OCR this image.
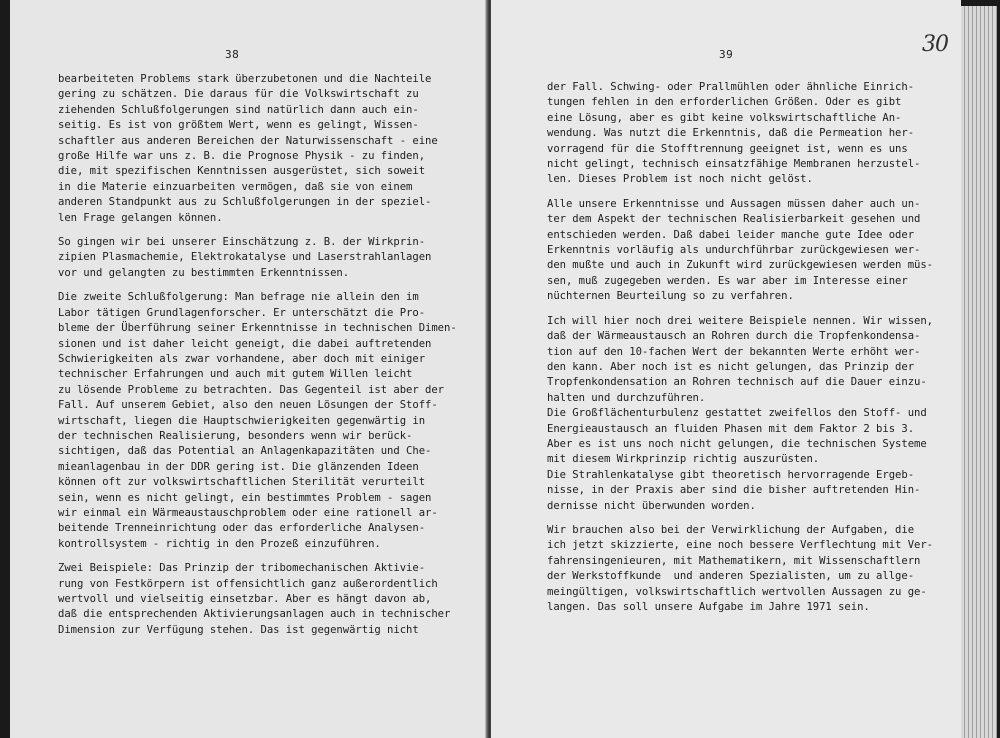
38
bearbeiteten Problems stark überzubetonen und die Nachteile
gering zu schätzen. Die daraus für die Volkswirtschaft zu
ziehenden Schlußfolgerungen sind natürlich dann auch ein-
seitig. Es ist von größtem Wert, wenn es gelingt, Wissen-
schaftler aus anderen Bereichen der Naturwissenschaft - eine
große Hilfe war uns z. B. die Prognose Physik - zu finden,
die, mit spezifischen Kenntnissen ausgerüstet, sich soweit
in die Materie einzuarbeiten vermögen, daß sie von einem
anderen Standpunkt aus zu Schlußfolgerungen in der speziel-
len Frage gelangen können.
So gingen wir bei unserer Einschätzung z. B. der Wirkprin-
zipien Plasmachemie, Elektrokatalyse und Laserstrahlanlagen
vor und gelangten zu bestimmten Erkenntnissen.
Die zweite Schlußfolgerung: Man befrage nie allein den im
Labor tätigen Grundlagenforscher. Er unterschätzt die Pro-
bleme der Überführung seiner Erkenntnisse in technischen Dimen-
sionen und ist daher leicht geneigt, die dabei auftretenden
Schwierigkeiten als zwar vorhandene, aber doch mit einiger
technischer Erfahrungen und auch mit gutem Willen leicht
zu lösende Probleme zu betrachten. Das Gegenteil ist aber der
Fall. Auf unserem Gebiet, also den neuen Lösungen der Stoff-
wirtschaft, liegen die Hauptschwierigkeiten gegenwärtig in
der technischen Realisierung, besonders wenn wir berück-
sichtigen, daß das Potential an Anlagenkapazitäten und Che-
mieanlagenbau in der DDR gering ist. Die glänzenden Ideen
können oft zur volkswirtschaftlichen Sterilität verurteilt
sein, wenn es nicht gelingt, ein bestimmtes Problem - sagen
wir einmal ein Wärmeaustauschproblem oder eine rationell ar-
beitende Trenneinrichtung oder das erforderliche Analysen-
kontrollsystem - richtig in den Prozeß einzuführen.
Zwei Beispiele: Das Prinzip der tribomechanischen Aktivie-
rung von Festkörpern ist offensichtlich ganz außerordentlich
wertvoll und vielseitig einsetzbar. Aber es hängt davon ab,
daß die entsprechenden Aktivierungsanlagen auch in technischer
Dimension zur Verfügung stehen. Das ist gegenwärtig nicht
39
der Fall. Schwing- oder Prallmühlen oder ähnliche Einrich-
tungen fehlen in den erforderlichen Größen. Oder es gibt
eine Lösung, aber es gibt keine volkswirtschaftliche An-
wendung. Was nutzt die Erkenntnis, daß die Permeation her-
vorragend für die Stofftrennung geeignet ist, wenn es uns
nicht gelingt, technisch einsatzfähige Membranen herzustel-
len. Dieses Problem ist noch nicht gelöst.
Alle unsere Erkenntnisse und Aussagen müssen daher auch un-
ter dem Aspekt der technischen Realisierbarkeit gesehen und
entschieden werden. Daß dabei leider manche gute Idee oder
Erkenntnis vorläufig als undurchführbar zurückgewiesen wer-
den mußte und auch in Zukunft wird zurückgewiesen werden müs-
sen, muß zugegeben werden. Es war aber im Interesse einer
nüchternen Beurteilung so zu verfahren.
Ich will hier noch drei weitere Beispiele nennen. Wir wissen,
daß der Wärmeaustausch an Rohren durch die Tropfenkondensa-
tion auf den 10-fachen Wert der bekannten Werte erhöht wer-
den kann. Aber noch ist es nicht gelungen, das Prinzip der
Tropfenkondensation an Rohren technisch auf die Dauer einzu-
halten und durchzuführen.
Die Großflächenturbulenz gestattet zweifellos den Stoff- und
Energieaustausch an fluiden Phasen mit dem Faktor 2 bis 3.
Aber es ist uns noch nicht gelungen, die technischen Systeme
mit diesem Wirkprinzip richtig auszurüsten.
Die Strahlenkatalyse gibt theoretisch hervorragende Ergeb-
nisse, in der Praxis aber sind die bisher auftretenden Hin-
dernisse nicht überwunden worden.
Wir brauchen also bei der Verwirklichung der Aufgaben, die
ich jetzt skizzierte, eine noch bessere Verflechtung mit Ver-
fahrensingenieuren, mit Mathematikern, mit Wissenschaftlern
der Werkstoffkunde  und anderen Spezialisten, um zu allge-
meingültigen, volkswirtschaftlich wertvollen Aussagen zu ge-
langen. Das soll unsere Aufgabe im Jahre 1971 sein.
30
